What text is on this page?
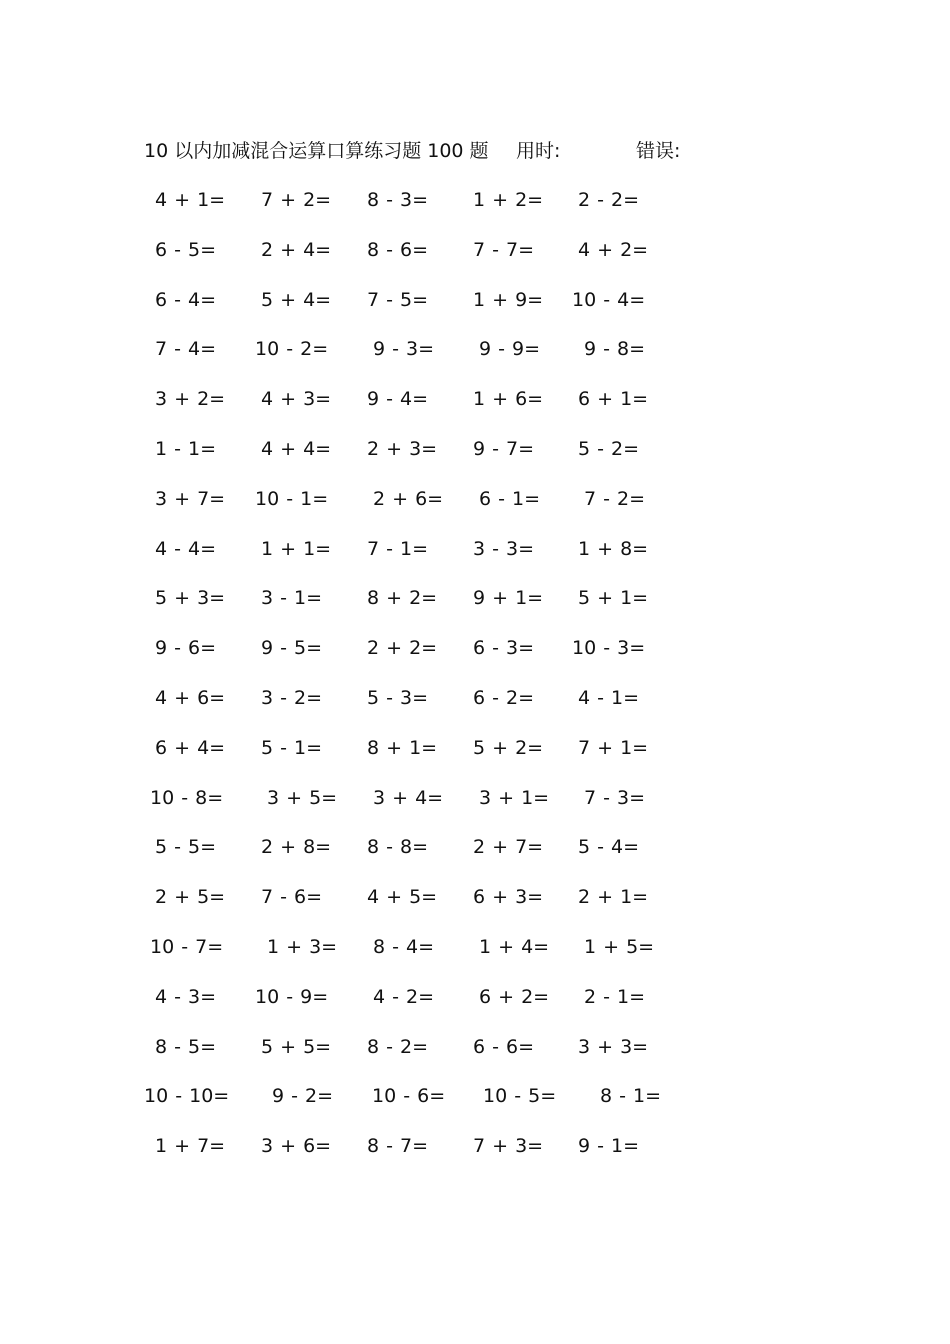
10 以内加减混合运算口算练习题 100 题 用时:	错误:
4 + 1= 7 + 2= 8 - 3= 1 + 2= 2 - 2=
6 - 5= 2 + 4= 8 - 6= 7 - 7= 4 + 2=
6 - 4= 5 + 4= 7 - 5= 1 + 9= 10 - 4=
7 - 4= 10 - 2= 9 - 3= 9 - 9= 9 - 8=
3 + 2= 4 + 3= 9 - 4= 1 + 6= 6 + 1=
1 - 1= 4 + 4= 2 + 3= 9 - 7= 5 - 2=
3 + 7= 10 - 1= 2 + 6= 6 - 1= 7 - 2=
4 - 4= 1 + 1= 7 - 1= 3 - 3= 1 + 8=
5 + 3= 3 - 1= 8 + 2= 9 + 1= 5 + 1=
9 - 6= 9 - 5= 2 + 2= 6 - 3= 10 - 3=
4 + 6= 3 - 2= 5 - 3= 6 - 2= 4 - 1=
6 + 4= 5 - 1= 8 + 1= 5 + 2= 7 + 1=
10 - 8= 3 + 5= 3 + 4= 3 + 1= 7 - 3=
5 - 5= 2 + 8= 8 - 8= 2 + 7= 5 - 4=
2 + 5= 7 - 6= 4 + 5= 6 + 3= 2 + 1=
10 - 7= 1 + 3= 8 - 4= 1 + 4= 1 + 5=
4 - 3= 10 - 9= 4 - 2= 6 + 2= 2 - 1=
8 - 5= 5 + 5= 8 - 2= 6 - 6= 3 + 3=
10 - 10= 9 - 2= 10 - 6= 10 - 5= 8 - 1=
1 + 7= 3 + 6= 8 - 7= 7 + 3= 9 - 1=
